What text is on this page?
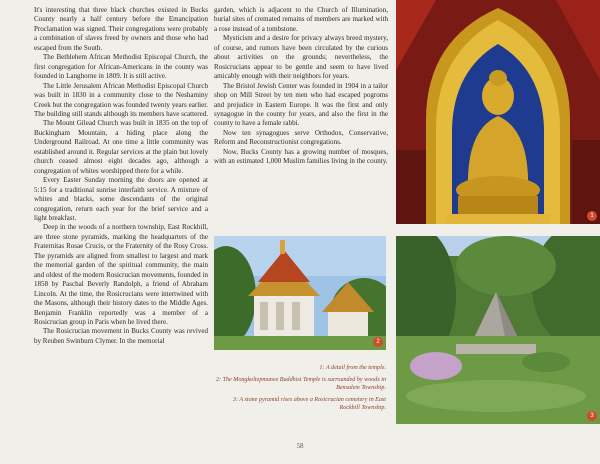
It's interesting that three black churches existed in Bucks County nearly a half century before the Emancipation Proclamation was signed. Their congregations were probably a combination of slaves freed by owners and those who had escaped from the South.

The Bethlehem African Methodist Episcopal Church, the first congregation for African-Americans in the county was founded in Langhorne in 1809. It is still active.

The Little Jerusalem African Methodist Episcopal Church was built in 1830 in a community close to the Neshaminy Creek but the congregation was founded twenty years earlier. The building still stands although its members have scattered.

The Mount Gilead Church was built in 1835 on the top of Buckingham Mountain, a hiding place along the Underground Railroad. At one time a little community was established around it. Regular services at the plain but lovely church ceased almost eight decades ago, although a congregation of whites worshipped there for a while.

Every Easter Sunday morning the doors are opened at 5:15 for a traditional sunrise interfaith service. A mixture of whites and blacks, some descendants of the original congregation, return each year for the brief service and a light breakfast.

Deep in the woods of a northern township, East Rockhill, are three stone pyramids, marking the headquarters of the Fraternitas Rosae Crucis, or the Fraternity of the Rosy Cross. The pyramids are aligned from smallest to largest and mark the memorial garden of the spiritual community, the main and oldest of the modern Rosicrucian movements, founded in 1858 by Paschal Beverly Randolph, a friend of Abraham Lincoln. At the time, the Rosicrucians were intertwined with the Masons, although their history dates to the Middle Ages. Benjamin Franklin reportedly was a member of a Rosicrucian group in Paris when he lived there.

The Rosicrucian movement in Bucks County was revived by Reuben Swinburn Clymer. In the memorial

garden, which is adjacent to the Church of Illumination, burial sites of cremated remains of members are marked with a rose instead of a tombstone.

Mysticism and a desire for privacy always breed mystery, of course, and rumors have been circulated by the curious about activities on the grounds; nevertheless, the Rosicrucians appear to be gentle and seem to have lived amicably enough with their neighbors for years.

The Bristol Jewish Center was founded in 1904 in a tailor shop on Mill Street by ten men who had escaped pogroms and prejudice in Eastern Europe. It was the first and only synagogue in the county for years, and also the first in the county to have a female rabbi.

Now ten synagogues serve Orthodox, Conservative, Reform and Reconstructionist congregations.

Now, Bucks County has a growing number of mosques, with an estimated 1,000 Muslim families living in the county.

1
2
3

1: A detail from the temple.

2: The Mongkoltepmunee Buddhist Temple is surrounded by woods in Bensalem Township.

3: A stone pyramid rises above a Rosicrucian cemetery in East Rockhill Township.

58
